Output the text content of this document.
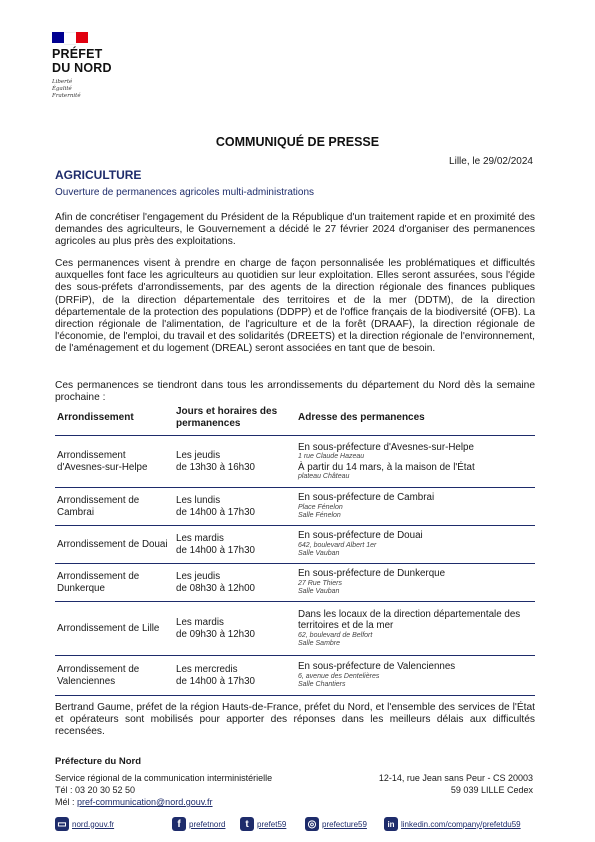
PRÉFET
DU NORD
Liberté
Égalité
Fraternité
COMMUNIQUÉ DE PRESSE
Lille, le 29/02/2024
AGRICULTURE
Ouverture de permanences agricoles multi-administrations
Afin de concrétiser l'engagement du Président de la République d'un traitement rapide et en proximité des demandes des agriculteurs, le Gouvernement a décidé le 27 février 2024 d'organiser des permanences agricoles au plus près des exploitations.
Ces permanences visent à prendre en charge de façon personnalisée les problématiques et difficultés auxquelles font face les agriculteurs au quotidien sur leur exploitation. Elles seront assurées, sous l'égide des sous-préfets d'arrondissements, par des agents de la direction régionale des finances publiques (DRFiP), de la direction départementale des territoires et de la mer (DDTM), de la direction départementale de la protection des populations (DDPP) et de l'office français de la biodiversité (OFB). La direction régionale de l'alimentation, de l'agriculture et de la forêt (DRAAF), la direction régionale de l'économie, de l'emploi, du travail et des solidarités (DREETS) et la direction régionale de l'environnement, de l'aménagement et du logement (DREAL) seront associées en tant que de besoin.
Ces permanences se tiendront dans tous les arrondissements du département du Nord dès la semaine prochaine :
Arrondissement	Jours et horaires des permanences	Adresse des permanences
Arrondissement d'Avesnes-sur-Helpe	Les jeudis
de 13h30 à 16h30	En sous-préfecture d'Avesnes-sur-Helpe
1 rue Claude Hazeau
À partir du 14 mars, à la maison de l'État
plateau Château

Arrondissement de Cambrai	Les lundis
de 14h00 à 17h30	En sous-préfecture de Cambrai
Place Fénelon
Salle Fénelon

Arrondissement de Douai	Les mardis
de 14h00 à 17h30	En sous-préfecture de Douai
642, boulevard Albert 1er
Salle Vauban

Arrondissement de Dunkerque	Les jeudis
de 08h30 à 12h00	En sous-préfecture de Dunkerque
27 Rue Thiers
Salle Vauban

Arrondissement de Lille	Les mardis
de 09h30 à 12h30	Dans les locaux de la direction départementale des territoires et de la mer
62, boulevard de Belfort
Salle Sambre

Arrondissement de Valenciennes	Les mercredis
de 14h00 à 17h30	En sous-préfecture de Valenciennes
6, avenue des Dentelières
Salle Chantiers
Bertrand Gaume, préfet de la région Hauts-de-France, préfet du Nord, et l'ensemble des services de l'État et opérateurs sont mobilisés pour apporter des réponses dans les meilleurs délais aux difficultés recensées.
Préfecture du Nord
Service régional de la communication interministérielle
Tél : 03 20 30 52 50
Mél : pref-communication@nord.gouv.fr
12-14, rue Jean sans Peur - CS 20003
59 039 LILLE Cedex
▭ nord.gouv.fr	f	prefetnord	t	prefet59 ◎ prefecture59	in linkedin.com/company/prefetdu59
